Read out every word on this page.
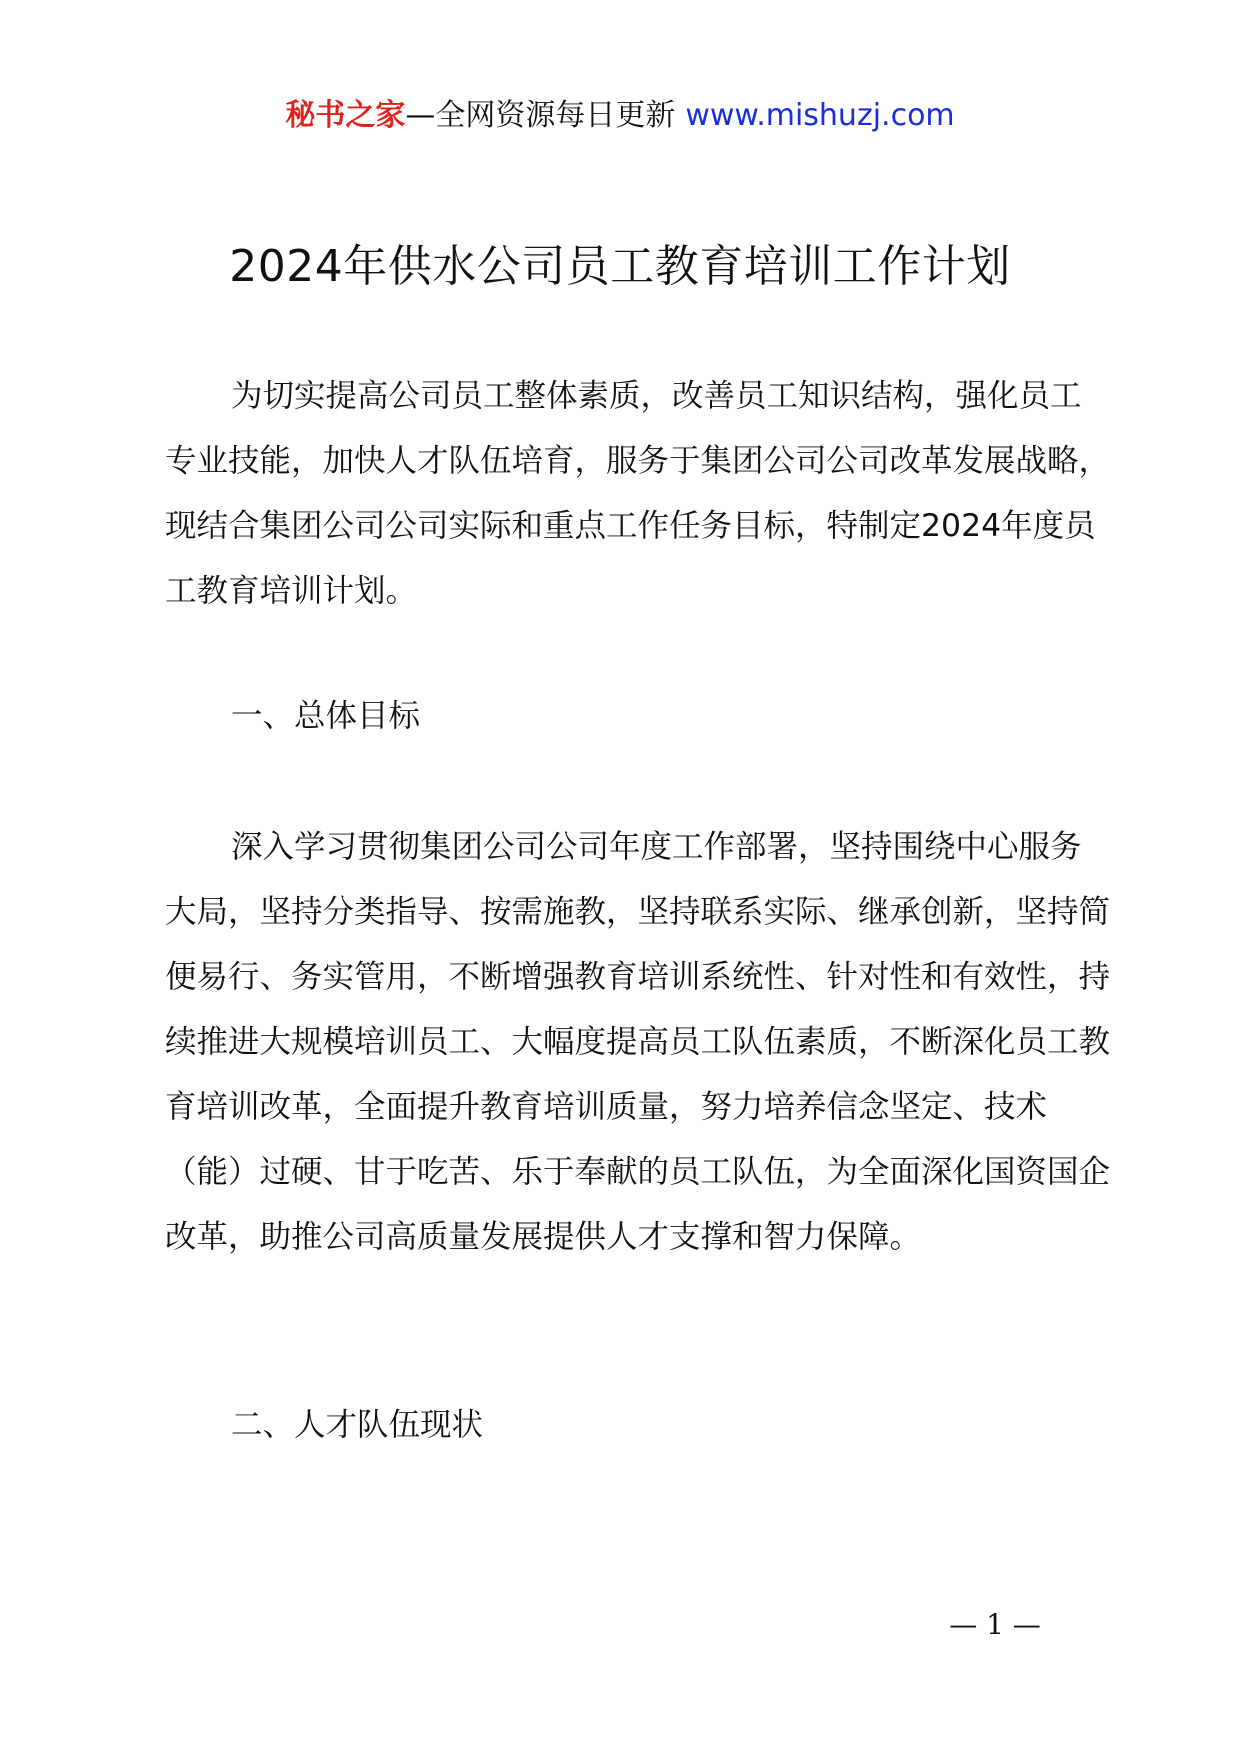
秘书之家—全网资源每日更新 www.mishuzj.com
2024年供水公司员工教育培训工作计划

为切实提高公司员工整体素质，改善员工知识结构，强化员工专业技能，加快人才队伍培育，服务于集团公司公司改革发展战略，现结合集团公司公司实际和重点工作任务目标，特制定2024年度员工教育培训计划。

一、总体目标

深入学习贯彻集团公司公司年度工作部署，坚持围绕中心服务大局，坚持分类指导、按需施教，坚持联系实际、继承创新，坚持简便易行、务实管用，不断增强教育培训系统性、针对性和有效性，持续推进大规模培训员工、大幅度提高员工队伍素质，不断深化员工教育培训改革，全面提升教育培训质量，努力培养信念坚定、技术（能）过硬、甘于吃苦、乐于奉献的员工队伍，为全面深化国资国企改革，助推公司高质量发展提供人才支撑和智力保障。

二、人才队伍现状

— 1 —
